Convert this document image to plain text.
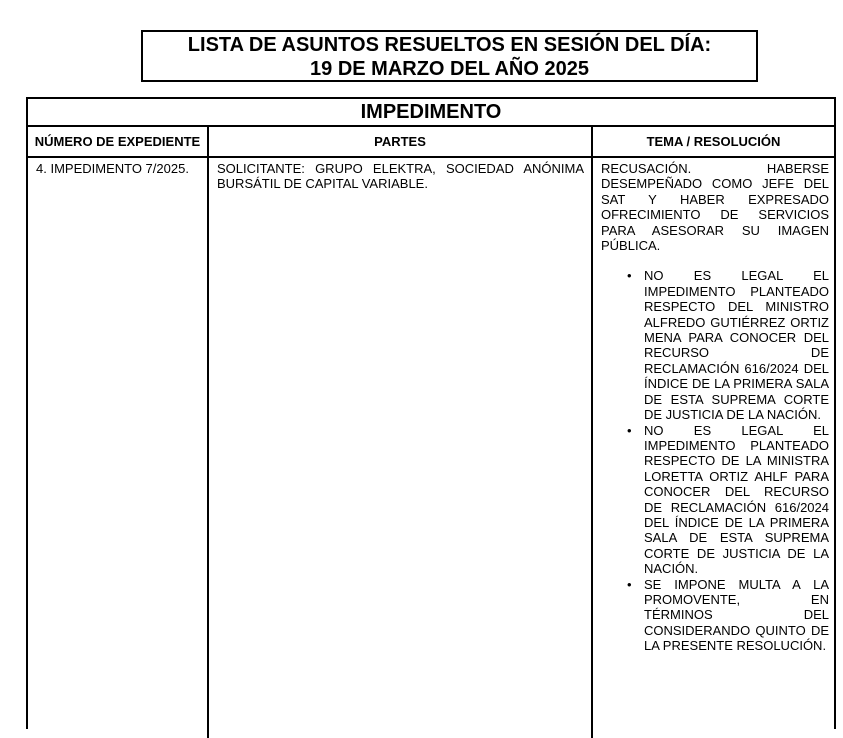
LISTA DE ASUNTOS RESUELTOS EN SESIÓN DEL DÍA:
19 DE MARZO DEL AÑO 2025
IMPEDIMENTO
NÚMERO DE EXPEDIENTE	PARTES	TEMA / RESOLUCIÓN
4. IMPEDIMENTO 7/2025.	SOLICITANTE: GRUPO ELEKTRA, SOCIEDAD ANÓNIMA BURSÁTIL DE CAPITAL VARIABLE.
RECUSACIÓN. HABERSE DESEMPEÑADO COMO JEFE DEL SAT Y HABER EXPRESADO OFRECIMIENTO DE SERVICIOS PARA ASESORAR SU IMAGEN PÚBLICA.
• NO ES LEGAL EL IMPEDIMENTO PLANTEADO RESPECTO DEL MINISTRO ALFREDO GUTIÉRREZ ORTIZ MENA PARA CONOCER DEL RECURSO DE RECLAMACIÓN 616/2024 DEL ÍNDICE DE LA PRIMERA SALA DE ESTA SUPREMA CORTE DE JUSTICIA DE LA NACIÓN.
• NO ES LEGAL EL IMPEDIMENTO PLANTEADO RESPECTO DE LA MINISTRA LORETTA ORTIZ AHLF PARA CONOCER DEL RECURSO DE RECLAMACIÓN 616/2024 DEL ÍNDICE DE LA PRIMERA SALA DE ESTA SUPREMA CORTE DE JUSTICIA DE LA NACIÓN.
• SE IMPONE MULTA A LA PROMOVENTE, EN TÉRMINOS DEL CONSIDERANDO QUINTO DE LA PRESENTE RESOLUCIÓN.
